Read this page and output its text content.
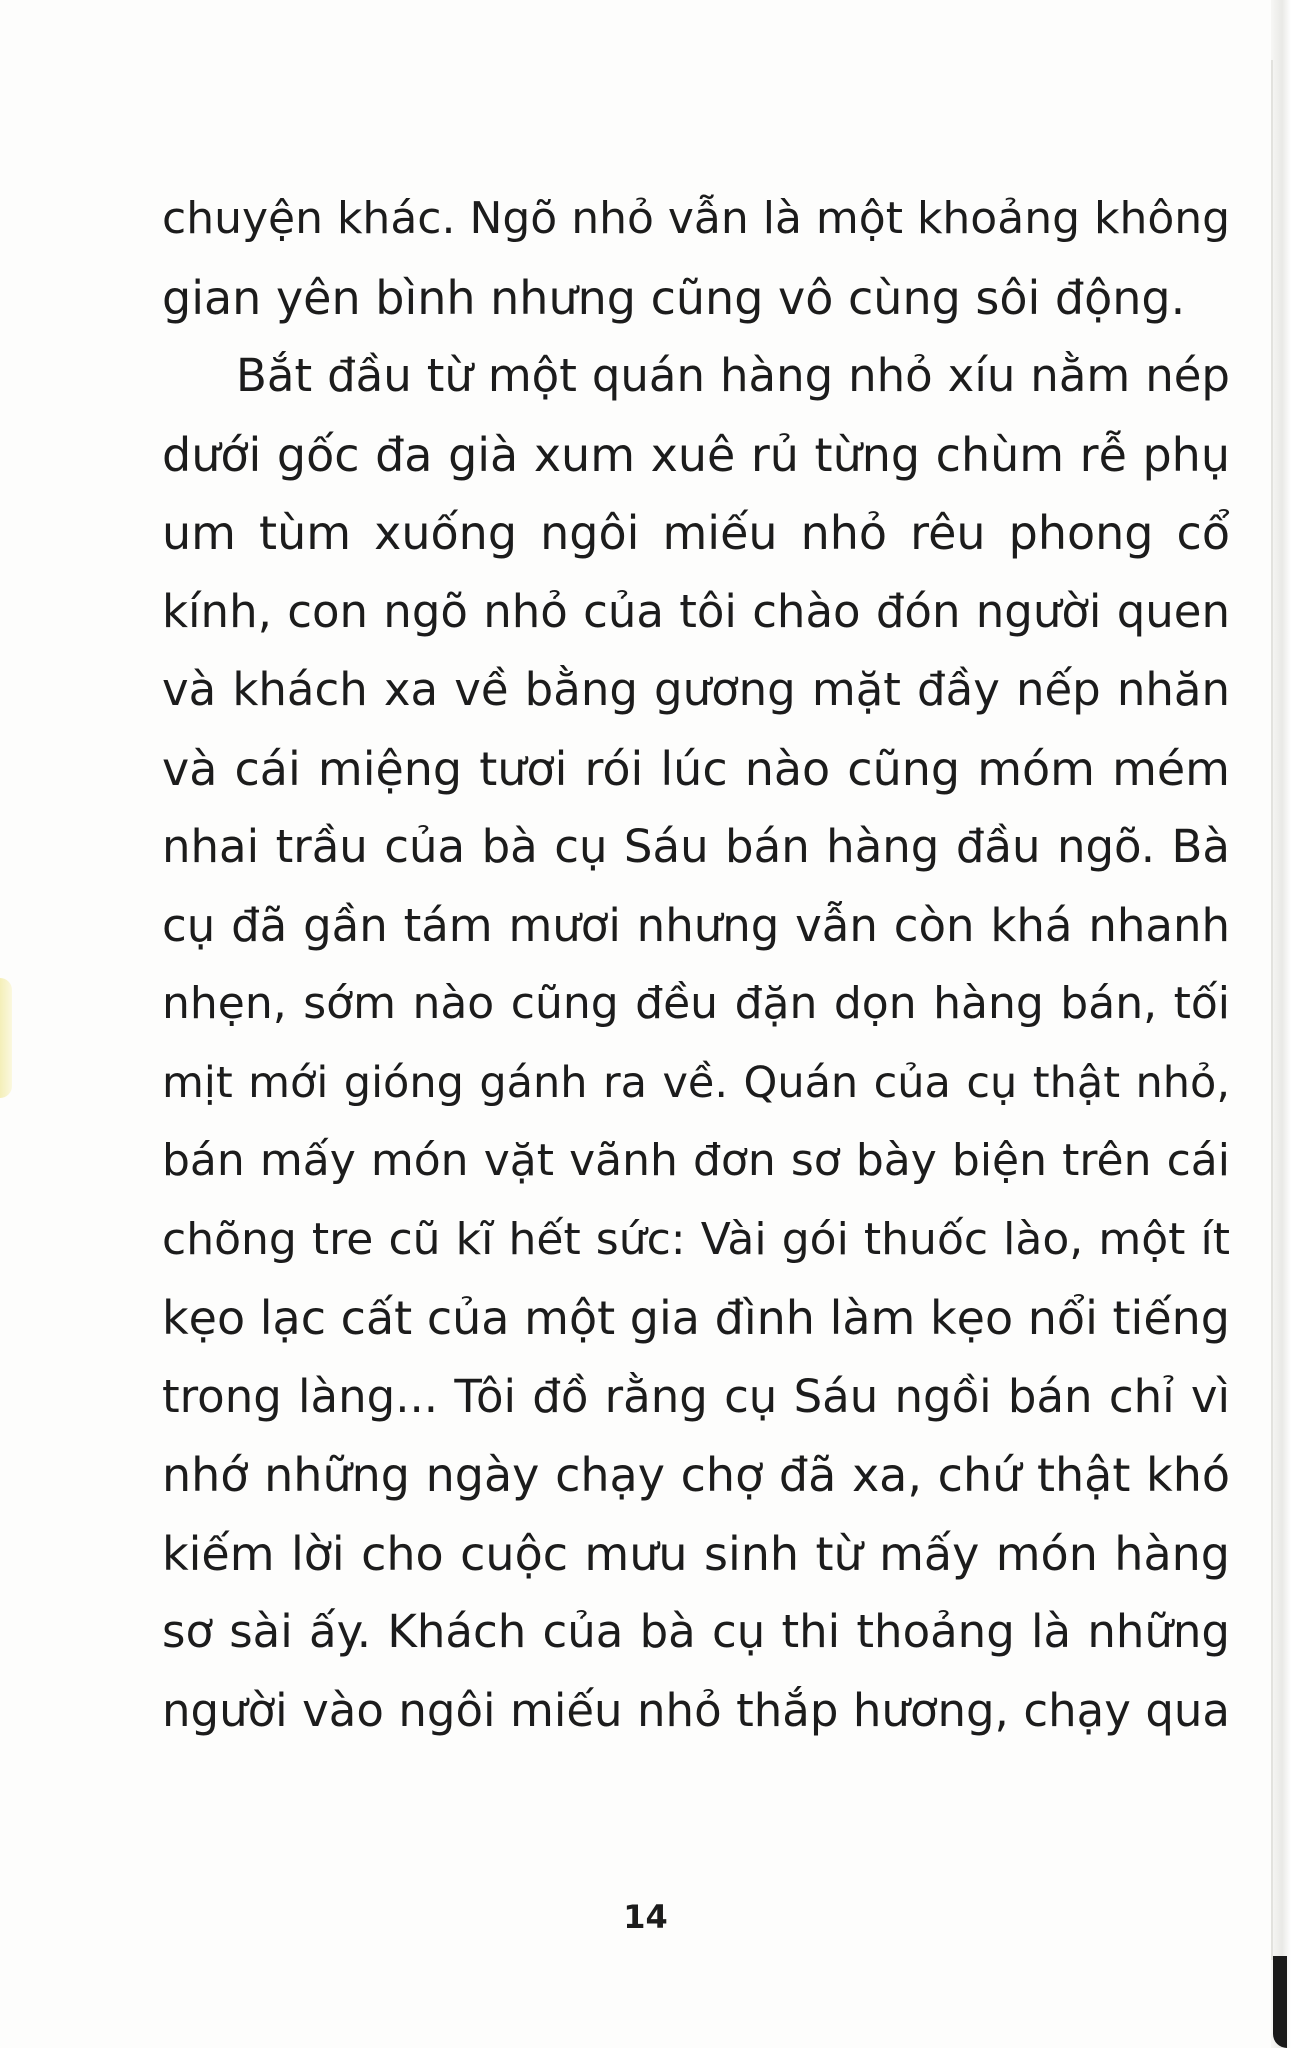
chuyện khác. Ngõ nhỏ vẫn là một khoảng không
gian yên bình nhưng cũng vô cùng sôi động.
Bắt đầu từ một quán hàng nhỏ xíu nằm nép
dưới gốc đa già xum xuê rủ từng chùm rễ phụ
um tùm xuống ngôi miếu nhỏ rêu phong cổ
kính, con ngõ nhỏ của tôi chào đón người quen
và khách xa về bằng gương mặt đầy nếp nhăn
và cái miệng tươi rói lúc nào cũng móm mém
nhai trầu của bà cụ Sáu bán hàng đầu ngõ. Bà
cụ đã gần tám mươi nhưng vẫn còn khá nhanh
nhẹn, sớm nào cũng đều đặn dọn hàng bán, tối
mịt mới gióng gánh ra về. Quán của cụ thật nhỏ,
bán mấy món vặt vãnh đơn sơ bày biện trên cái
chõng tre cũ kĩ hết sức: Vài gói thuốc lào, một ít
kẹo lạc cất của một gia đình làm kẹo nổi tiếng
trong làng... Tôi đồ rằng cụ Sáu ngồi bán chỉ vì
nhớ những ngày chạy chợ đã xa, chứ thật khó
kiếm lời cho cuộc mưu sinh từ mấy món hàng
sơ sài ấy. Khách của bà cụ thi thoảng là những
người vào ngôi miếu nhỏ thắp hương, chạy qua
14
